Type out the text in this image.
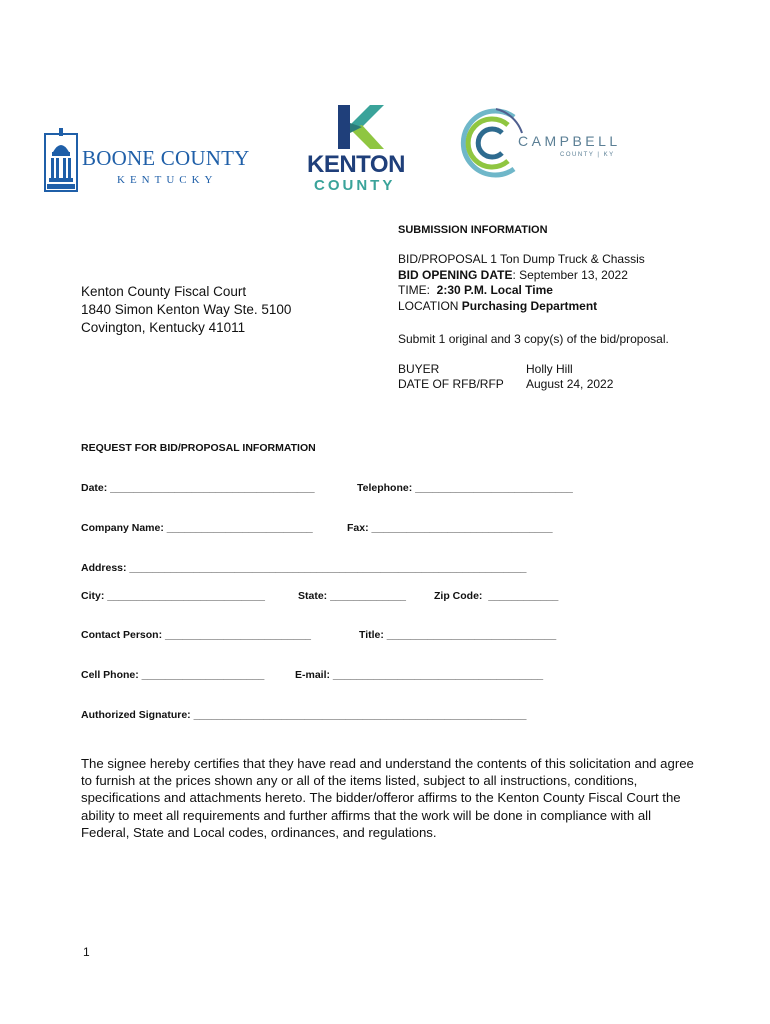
BOONE COUNTY
KENTUCKY
KENTON
COUNTY
CAMPBELL
COUNTY | KY
SUBMISSION INFORMATION
BID/PROPOSAL 1 Ton Dump Truck & Chassis
BID OPENING DATE: September 13, 2022
TIME: 2:30 P.M. Local Time
LOCATION Purchasing Department
Submit 1 original and 3 copy(s) of the bid/proposal.
BUYER	Holly Hill
DATE OF RFB/RFP August 24, 2022
Kenton County Fiscal Court
1840 Simon Kenton Way Ste. 5100
Covington, Kentucky 41011
REQUEST FOR BID/PROPOSAL INFORMATION
Date: ___________________________________	Telephone: ___________________________
Company Name: _________________________	Fax: _______________________________
Address: ____________________________________________________________________
City: ___________________________	State: _____________	Zip Code:  ____________
Contact Person: _________________________	Title: _____________________________
Cell Phone: _____________________	E-mail: ____________________________________
Authorized Signature: _________________________________________________________
The signee hereby certifies that they have read and understand the contents of this solicitation and agree to furnish at the prices shown any or all of the items listed, subject to all instructions, conditions, specifications and attachments hereto. The bidder/offeror affirms to the Kenton County Fiscal Court the ability to meet all requirements and further affirms that the work will be done in compliance with all Federal, State and Local codes, ordinances, and regulations.
1
